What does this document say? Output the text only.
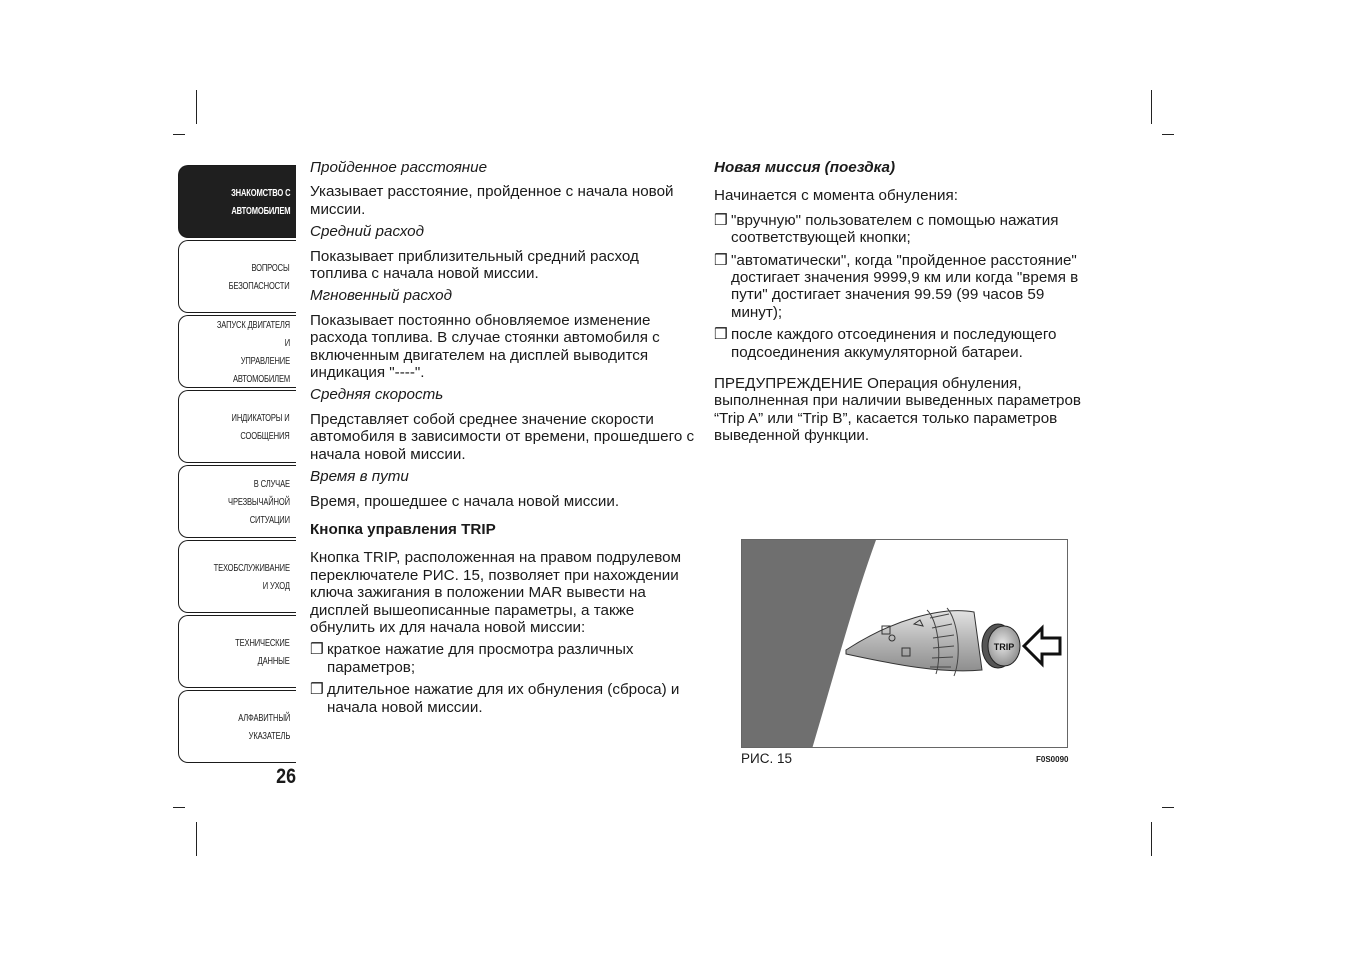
ЗНАКОМСТВО С
АВТОМОБИЛЕМ
ВОПРОСЫ
БЕЗОПАСНОСТИ
ЗАПУСК ДВИГАТЕЛЯ И
УПРАВЛЕНИЕ
АВТОМОБИЛЕМ
ИНДИКАТОРЫ И
СООБЩЕНИЯ
В СЛУЧАЕ
ЧРЕЗВЫЧАЙНОЙ
СИТУАЦИИ
ТЕХОБСЛУЖИВАНИЕ
И УХОД
ТЕХНИЧЕСКИЕ
ДАННЫЕ
АЛФАВИТНЫЙ
УКАЗАТЕЛЬ
26

Пройденное расстояние

Указывает расстояние, пройденное с начала новой миссии.

Средний расход

Показывает приблизительный средний расход топлива с начала новой миссии.

Мгновенный расход

Показывает постоянно обновляемое изменение расхода топлива. В случае стоянки автомобиля с включенным двигателем на дисплей выводится индикация "----".

Средняя скорость

Представляет собой среднее значение скорости автомобиля в зависимости от времени, прошедшего с начала новой миссии.

Время в пути

Время, прошедшее с начала новой миссии.

Кнопка управления TRIP

Кнопка TRIP, расположенная на правом подрулевом переключателе РИС. 15, позволяет при нахождении ключа зажигания в положении MAR вывести на дисплей вышеописанные параметры, а также обнулить их для начала новой миссии:

❒ краткое нажатие для просмотра различных параметров;

❒ длительное нажатие для их обнуления (сброса) и начала новой миссии.

Новая миссия (поездка)

Начинается с момента обнуления:

❒ "вручную" пользователем с помощью нажатия соответствующей кнопки;

❒ "автоматически", когда "пройденное расстояние" достигает значения 9999,9 км или когда "время в пути" достигает значения 99.59 (99 часов 59 минут);

❒ после каждого отсоединения и последующего подсоединения аккумуляторной батареи.

ПРЕДУПРЕЖДЕНИЕ Операция обнуления, выполненная при наличии выведенных параметров “Trip A” или “Trip B”, касается только параметров выведенной функции.

TRIP
РИС. 15	F0S0090
